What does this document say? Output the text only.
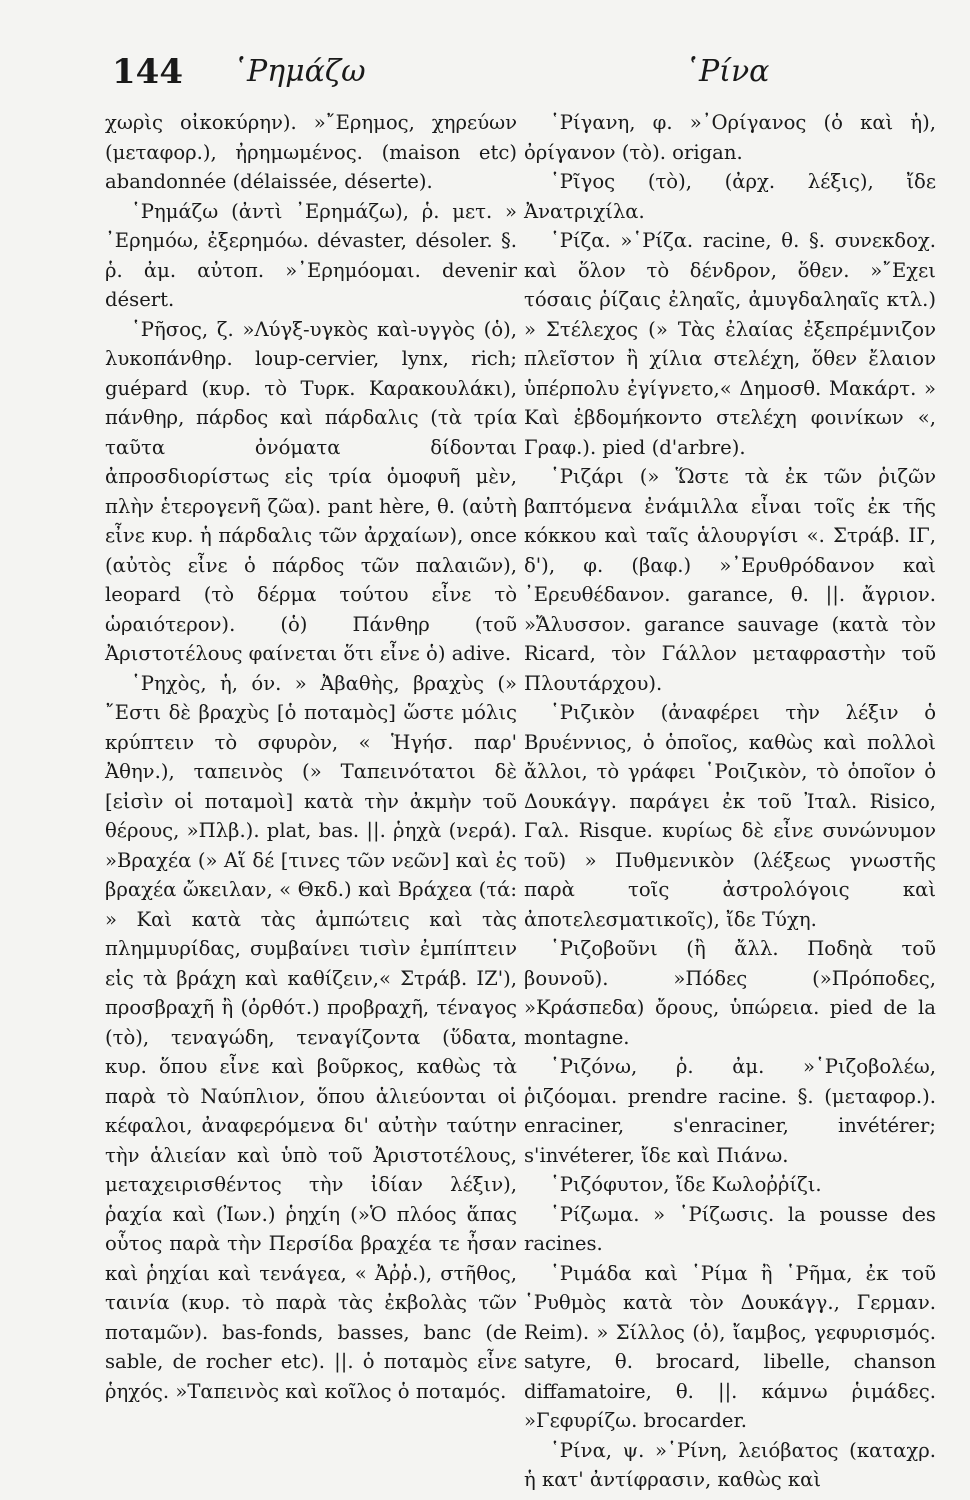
144 ῾Ρημάζω	῾Ρίνα

χωρὶς οἰκοκύρην). »῎Ερημος, χηρεύων (μεταφορ.), ἠρημωμένος. (maison etc) abandonnée (délaissée, déserte).

῾Ρημάζω (ἀντὶ ᾿Ερημάζω), ῥ. μετ. » ᾿Ερημόω, ἐξερημόω. dévaster, désoler. §. ῥ. ἀμ. αὐτοπ. »᾿Ερημόομαι. devenir désert.

῾Ρῆσος, ζ. »Λύγξ-υγκὸς καὶ-υγγὸς (ὁ), λυκοπάνθηρ. loup-cervier, lynx, rich; guépard (κυρ. τὸ Τυρκ. Καρακουλάκι), πάνθηρ, πάρδος καὶ πάρδαλις (τὰ τρία ταῦτα ὀνόματα δίδονται ἀπροσδιορίστως εἰς τρία ὁμοφυῆ μὲν, πλὴν ἑτερογενῆ ζῶα). pant hère, θ. (αὐτὴ εἶνε κυρ. ἡ πάρδαλις τῶν ἀρχαίων), once (αὐτὸς εἶνε ὁ πάρδος τῶν παλαιῶν), leopard (τὸ δέρμα τούτου εἶνε τὸ ὡραιότερον). (ὁ) Πάνθηρ (τοῦ Ἀριστοτέλους φαίνεται ὅτι εἶνε ὁ) adive.

῾Ρηχὸς, ἡ, όν. » Ἀβαθὴς, βραχὺς (» ῎Εστι δὲ βραχὺς [ὁ ποταμὸς] ὥστε μόλις κρύπτειν τὸ σφυρὸν, « Ἡγήσ. παρ' Ἀθην.), ταπεινὸς (» Ταπεινότατοι δὲ [εἰσὶν οἱ ποταμοὶ] κατὰ τὴν ἀκμὴν τοῦ θέρους, »Πλβ.). plat, bas. ||. ῥηχὰ (νερά). »Βραχέα (» Αἵ δέ [τινες τῶν νεῶν] καὶ ἐς βραχέα ὤκειλαν, « Θκδ.) καὶ Βράχεα (τά: » Καὶ κατὰ τὰς ἀμπώτεις καὶ τὰς πλημμυρίδας, συμβαίνει τισὶν ἐμπίπτειν εἰς τὰ βράχη καὶ καθίζειν,« Στράβ. ΙΖ'), προσβραχῆ ἢ (ὀρθότ.) προβραχῆ, τέναγος (τὸ), τεναγώδη, τεναγίζοντα (ὕδατα, κυρ. ὅπου εἶνε καὶ βοῦρκος, καθὼς τὰ παρὰ τὸ Ναύπλιον, ὅπου ἁλιεύονται οἱ κέφαλοι, ἀναφερόμενα δι' αὐτὴν ταύτην τὴν ἁλιείαν καὶ ὑπὸ τοῦ Ἀριστοτέλους, μεταχειρισθέντος τὴν ἰδίαν λέξιν), ῥαχία καὶ (Ἰων.) ῥηχίη (»Ὁ πλόος ἅπας οὗτος παρὰ τὴν Περσίδα βραχέα τε ἦσαν καὶ ῥηχίαι καὶ τενάγεα, « Ἀῤῥ.), στῆθος, ταινία (κυρ. τὸ παρὰ τὰς ἐκβολὰς τῶν ποταμῶν). bas-fonds, basses, banc (de sable, de rocher etc). ||. ὁ ποταμὸς εἶνε ῥηχός. »Ταπεινὸς καὶ κοῖλος ὁ ποταμός.

῾Ρίγανη, φ. »᾿Ορίγανος (ὁ καὶ ἡ), ὀρίγανον (τὸ). origan.

῾Ρῖγος (τὸ), (ἀρχ. λέξις), ἴδε Ἀνατριχίλα.

῾Ρίζα. »῾Ρίζα. racine, θ. §. συνεκδοχ. καὶ ὅλον τὸ δένδρον, ὅθεν. »῎Εχει τόσαις ῥίζαις ἐληαῖς, ἀμυγδαληαῖς κτλ.) » Στέλεχος (» Τὰς ἐλαίας ἐξεπρέμνιζον πλεῖστον ἢ χίλια στελέχη, ὅθεν ἔλαιον ὑπέρπολυ ἐγίγνετο,« Δημοσθ. Μακάρτ. » Καὶ ἑβδομήκοντο στελέχη φοινίκων «, Γραφ.). pied (d'arbre).

῾Ριζάρι (» Ὥστε τὰ ἐκ τῶν ῥιζῶν βαπτόμενα ἐνάμιλλα εἶναι τοῖς ἐκ τῆς κόκκου καὶ ταῖς ἁλουργίσι «. Στράβ. ΙΓ, δ'), φ. (βαφ.) »᾿Ερυθρόδανον καὶ ᾿Ερευθέδανον. garance, θ. ||. ἄγριον. »Ἄλυσσον. garance sauvage (κατὰ τὸν Ricard, τὸν Γάλλον μεταφραστὴν τοῦ Πλουτάρχου).

῾Ριζικὸν (ἀναφέρει τὴν λέξιν ὁ Βρυέννιος, ὁ ὁποῖος, καθὼς καὶ πολλοὶ ἄλλοι, τὸ γράφει ῾Ροιζικὸν, τὸ ὁποῖον ὁ Δουκάγγ. παράγει ἐκ τοῦ Ἰταλ. Risico, Γαλ. Risque. κυρίως δὲ εἶνε συνώνυμον τοῦ) » Πυθμενικὸν (λέξεως γνωστῆς παρὰ τοῖς ἀστρολόγοις καὶ ἀποτελεσματικοῖς), ἴδε Τύχη.

῾Ριζοβοῦνι (ἢ ἄλλ. Ποδηὰ τοῦ βουνοῦ). »Πόδες (»Πρόποδες, »Κράσπεδα) ὄρους, ὑπώρεια. pied de la montagne.

῾Ριζόνω, ῥ. ἀμ. »῾Ριζοβολέω, ῥιζόομαι. prendre racine. §. (μεταφορ.). enraciner, s'enraciner, invétérer; s'invéterer, ἴδε καὶ Πιάνω.

῾Ριζόφυτον, ἴδε Κωλοῤῥίζι.

῾Ρίζωμα. » ῾Ρίζωσις. la pousse des racines.

῾Ριμάδα καὶ ῾Ρίμα ἢ ῾Ρῆμα, ἐκ τοῦ ῾Ρυθμὸς κατὰ τὸν Δουκάγγ., Γερμαν. Reim). » Σίλλος (ὁ), ἴαμβος, γεφυρισμός. satyre, θ. brocard, libelle, chanson diffamatoire, θ. ||. κάμνω ῥιμάδες. »Γεφυρίζω. brocarder.

῾Ρίνα, ψ. »῾Ρίνη, λειόβατος (καταχρ. ἡ κατ' ἀντίφρασιν, καθὼς καὶ
